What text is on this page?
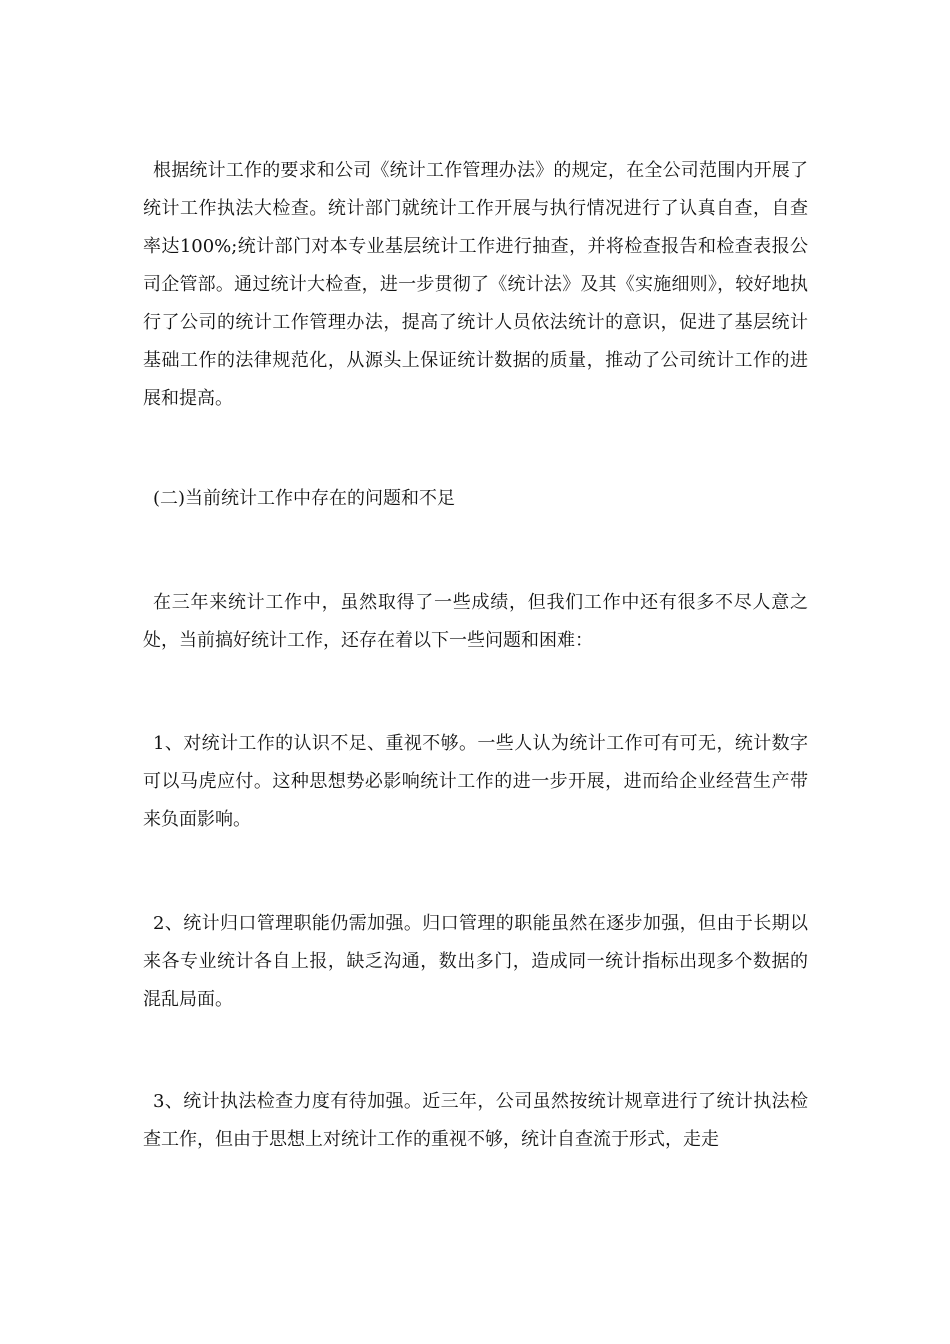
根据统计工作的要求和公司《统计工作管理办法》的规定，在全公司范围内开展了统计工作执法大检查。统计部门就统计工作开展与执行情况进行了认真自查，自查率达100%;统计部门对本专业基层统计工作进行抽查，并将检查报告和检查表报公司企管部。通过统计大检查，进一步贯彻了《统计法》及其《实施细则》，较好地执行了公司的统计工作管理办法，提高了统计人员依法统计的意识，促进了基层统计基础工作的法律规范化，从源头上保证统计数据的质量，推动了公司统计工作的进展和提高。

(二)当前统计工作中存在的问题和不足

在三年来统计工作中，虽然取得了一些成绩，但我们工作中还有很多不尽人意之处，当前搞好统计工作，还存在着以下一些问题和困难：

1、对统计工作的认识不足、重视不够。一些人认为统计工作可有可无，统计数字可以马虎应付。这种思想势必影响统计工作的进一步开展，进而给企业经营生产带来负面影响。

2、统计归口管理职能仍需加强。归口管理的职能虽然在逐步加强，但由于长期以来各专业统计各自上报，缺乏沟通，数出多门，造成同一统计指标出现多个数据的混乱局面。

3、统计执法检查力度有待加强。近三年，公司虽然按统计规章进行了统计执法检查工作，但由于思想上对统计工作的重视不够，统计自查流于形式，走走
